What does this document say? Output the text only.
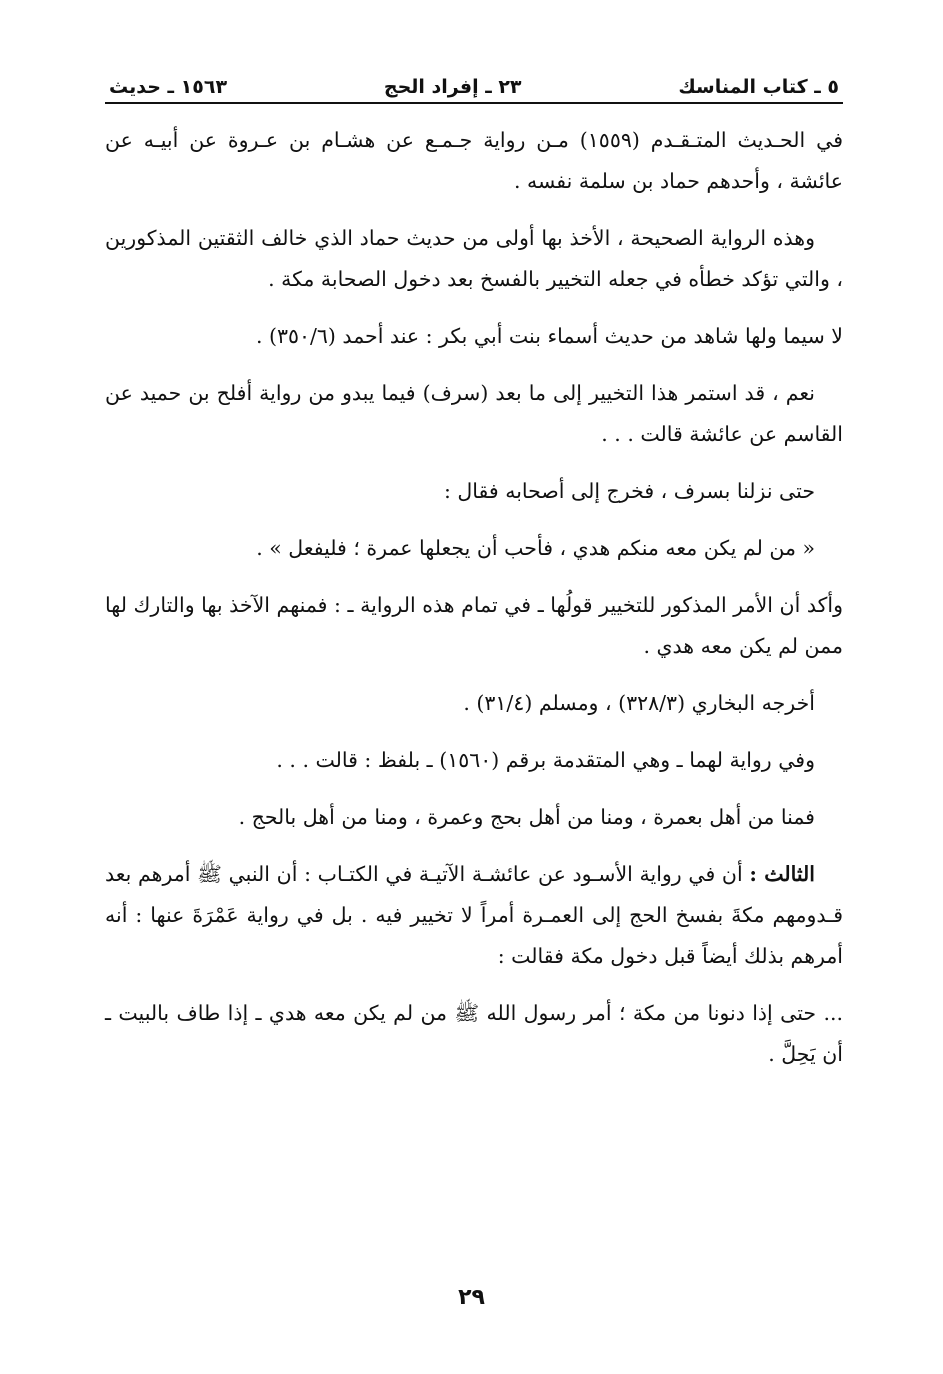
٥ ـ كتاب المناسك
٢٣ ـ إفراد الحج
١٥٦٣ ـ حديث

في الحـديث المتـقـدم (١٥٥٩) مـن رواية جـمـع عن هشـام بن عـروة عن أبيـه عن عائشة ، وأحدهم حماد بن سلمة نفسه .

وهذه الرواية الصحيحة ، الأخذ بها أولى من حديث حماد الذي خالف الثقتين المذكورين ، والتي تؤكد خطأه في جعله التخيير بالفسخ بعد دخول الصحابة مكة .

لا سيما ولها شاهد من حديث أسماء بنت أبي بكر : عند أحمد (٣٥٠/٦) .

نعم ، قد استمر هذا التخيير إلى ما بعد (سرف) فيما يبدو من رواية أفلح بن حميد عن القاسم عن عائشة قالت . . .

حتى نزلنا بسرف ، فخرج إلى أصحابه فقال :

« من لم يكن معه منكم هدي ، فأحب أن يجعلها عمرة ؛ فليفعل » .

وأكد أن الأمر المذكور للتخيير قولُها ـ في تمام هذه الرواية ـ : فمنهم الآخذ بها والتارك لها ممن لم يكن معه هدي .

أخرجه البخاري (٣٢٨/٣) ، ومسلم (٣١/٤) .

وفي رواية لهما ـ وهي المتقدمة برقم (١٥٦٠) ـ بلفظ : قالت . . .

فمنا من أهل بعمرة ، ومنا من أهل بحج وعمرة ، ومنا من أهل بالحج .

الثالث : أن في رواية الأسـود عن عائشـة الآتيـة في الكتـاب : أن النبي ﷺ أمرهم بعد قـدومهم مكةَ بفسخ الحج إلى العمـرة أمراً لا تخيير فيه . بل في رواية عَمْرَةَ عنها : أنه أمرهم بذلك أيضاً قبل دخول مكة فقالت :

... حتى إذا دنونا من مكة ؛ أمر رسول الله ﷺ من لم يكن معه هدي ـ إذا طاف بالبيت ـ أن يَحِلَّ .

٢٩
